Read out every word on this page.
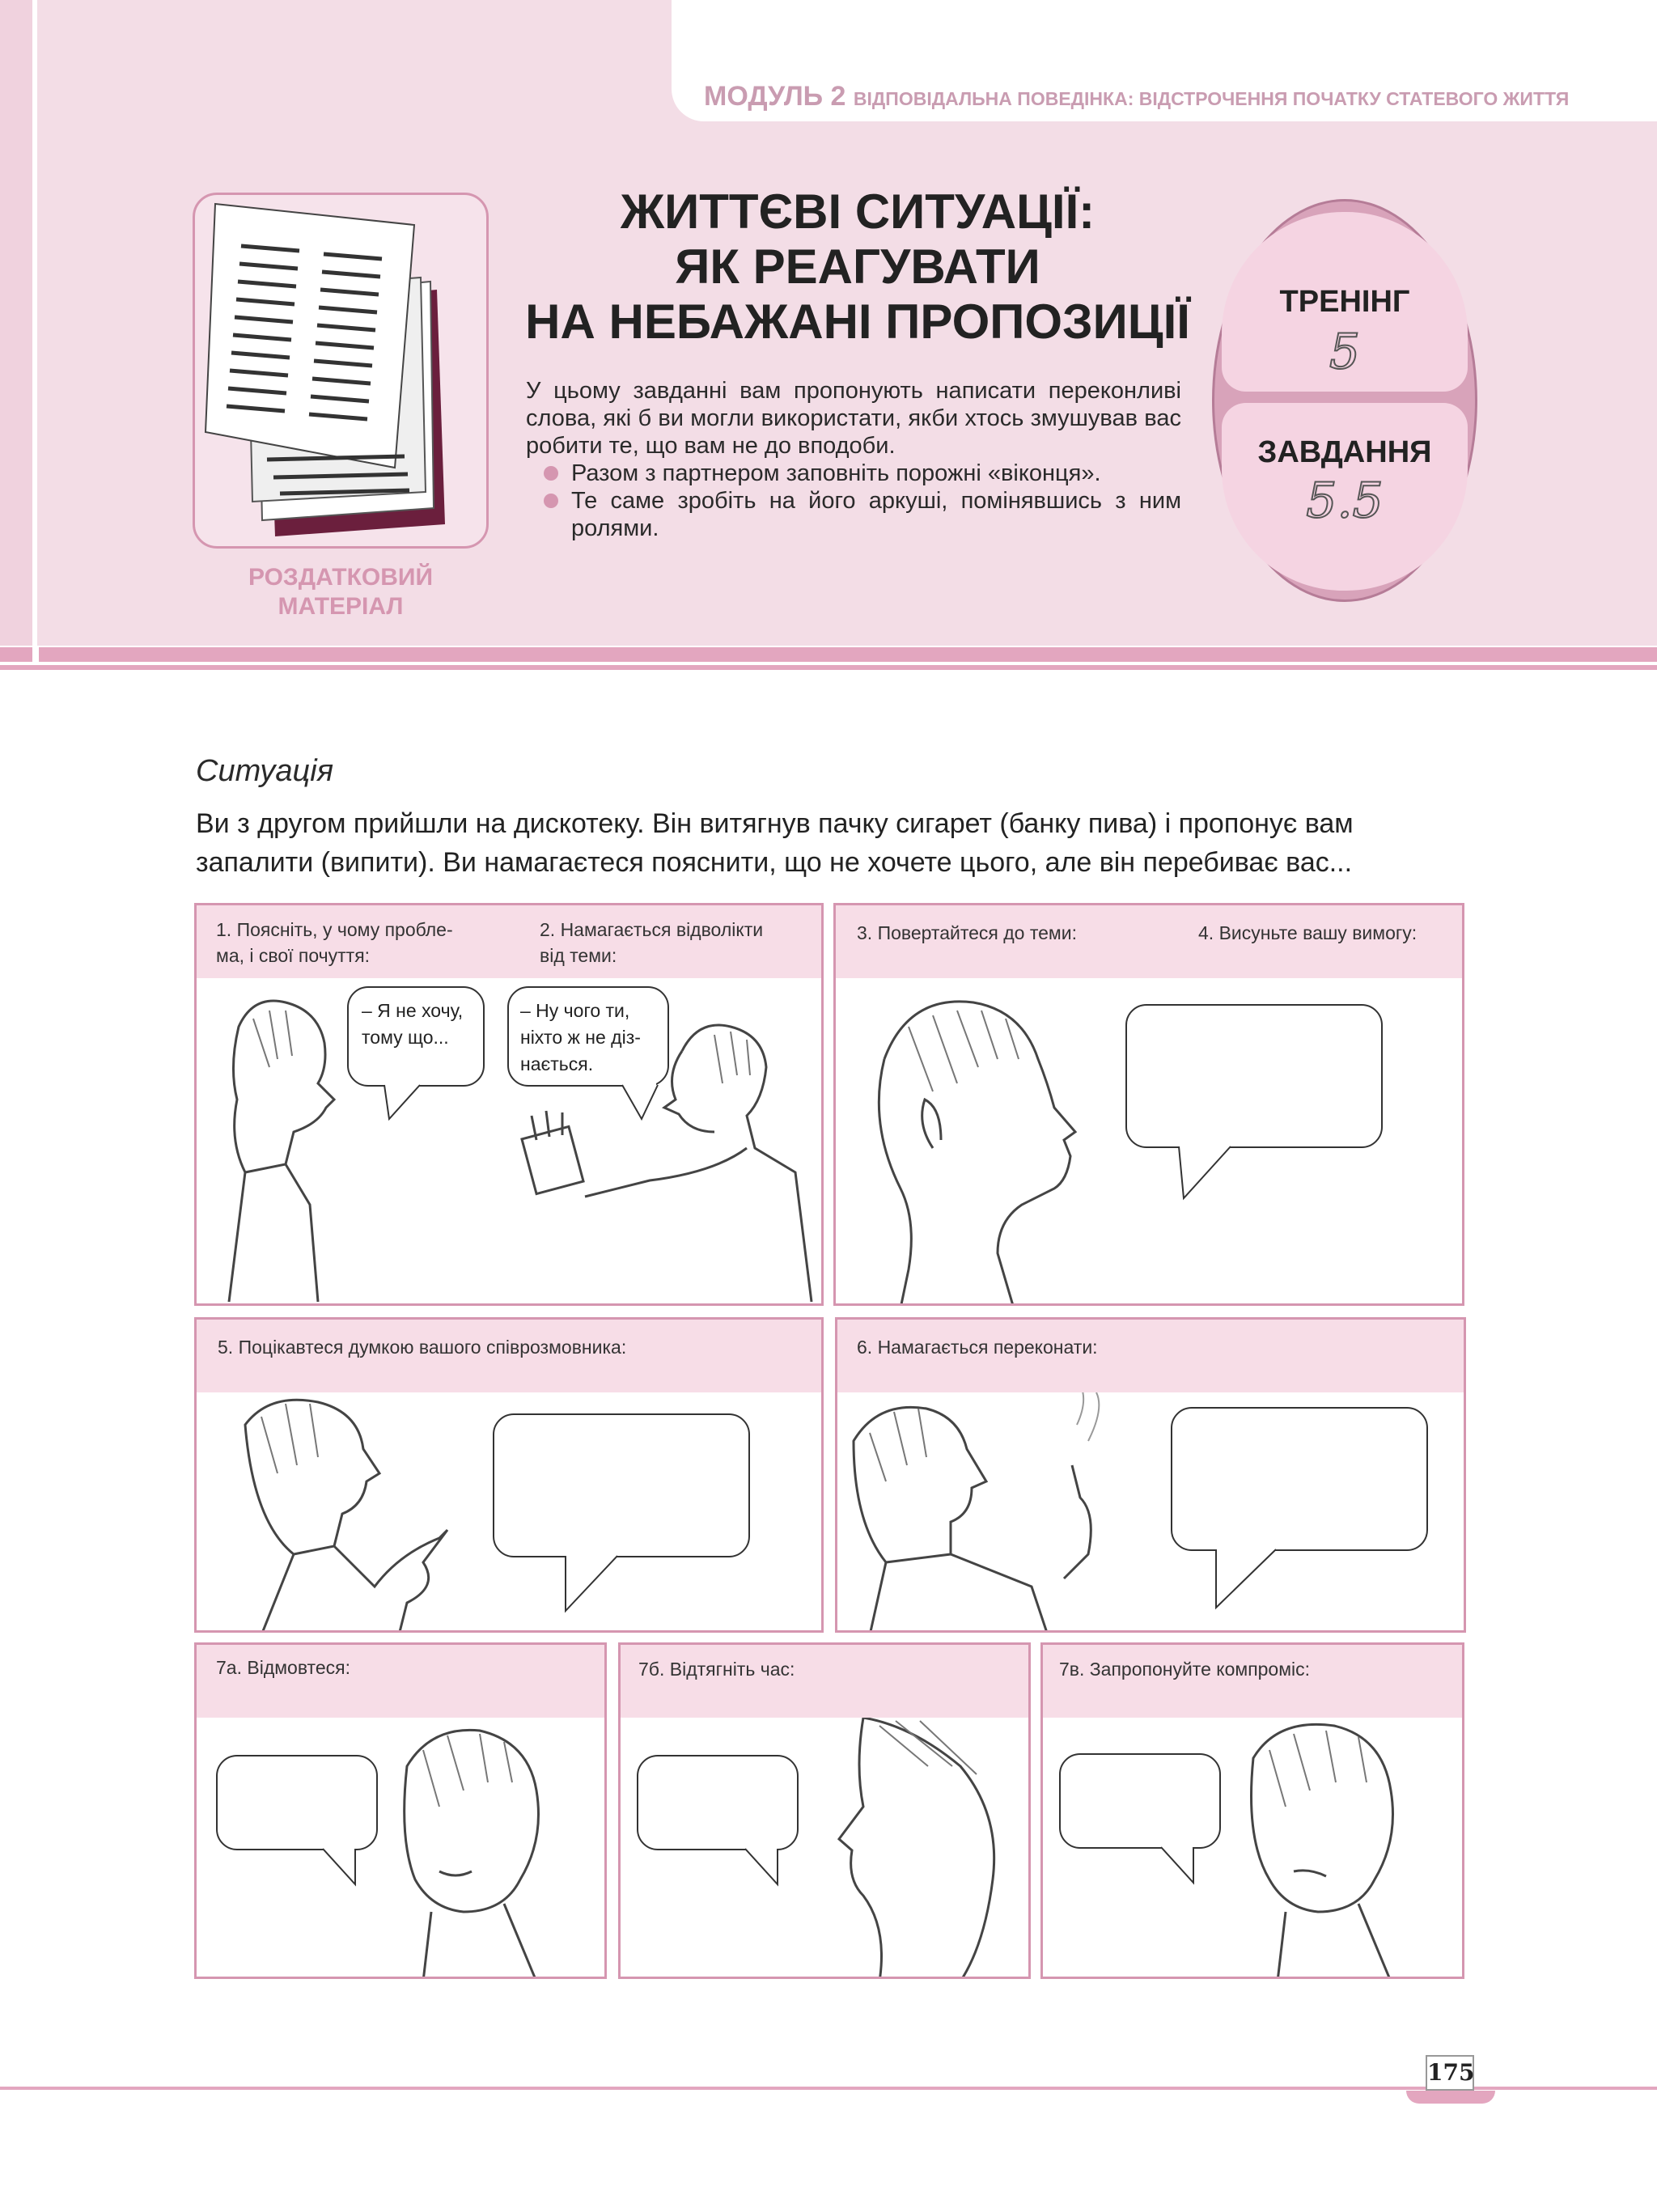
МОДУЛЬ 2 ВІДПОВІДАЛЬНА ПОВЕДІНКА: ВІДСТРОЧЕННЯ ПОЧАТКУ СТАТЕВОГО ЖИТТЯ
РОЗДАТКОВИЙ
МАТЕРІАЛ
ЖИТТЄВІ СИТУАЦІЇ:
ЯК РЕАГУВАТИ
НА НЕБАЖАНІ ПРОПОЗИЦІЇ
У цьому завданні вам пропонують написати переконливі слова, які б ви могли використати, якби хтось змушував вас робити те, що вам не до вподоби.
Разом з партнером заповніть порожні «віконця».
Те саме зробіть на його аркуші, помінявшись з ним ролями.
ТРЕНІНГ
5
ЗАВДАННЯ
5.5
Ситуація
Ви з другом прийшли на дискотеку. Він витягнув пачку сигарет (банку пива) і пропонує вам запалити (випити). Ви намагаєтеся пояснити, що не хочете цього, але він перебиває вас...
1. Поясніть, у чому пробле-
ма, і свої почуття:
2. Намагається відволікти
від теми:
– Я не хочу,
тому що...
– Ну чого ти,
ніхто ж не діз-
нається.
3. Повертайтеся до теми:	4. Висуньте вашу вимогу:
5. Поцікавтеся думкою вашого співрозмовника:	6. Намагається переконати:
7а. Відмовтеся:	7б. Відтягніть час:	7в. Запропонуйте компроміс:
175
